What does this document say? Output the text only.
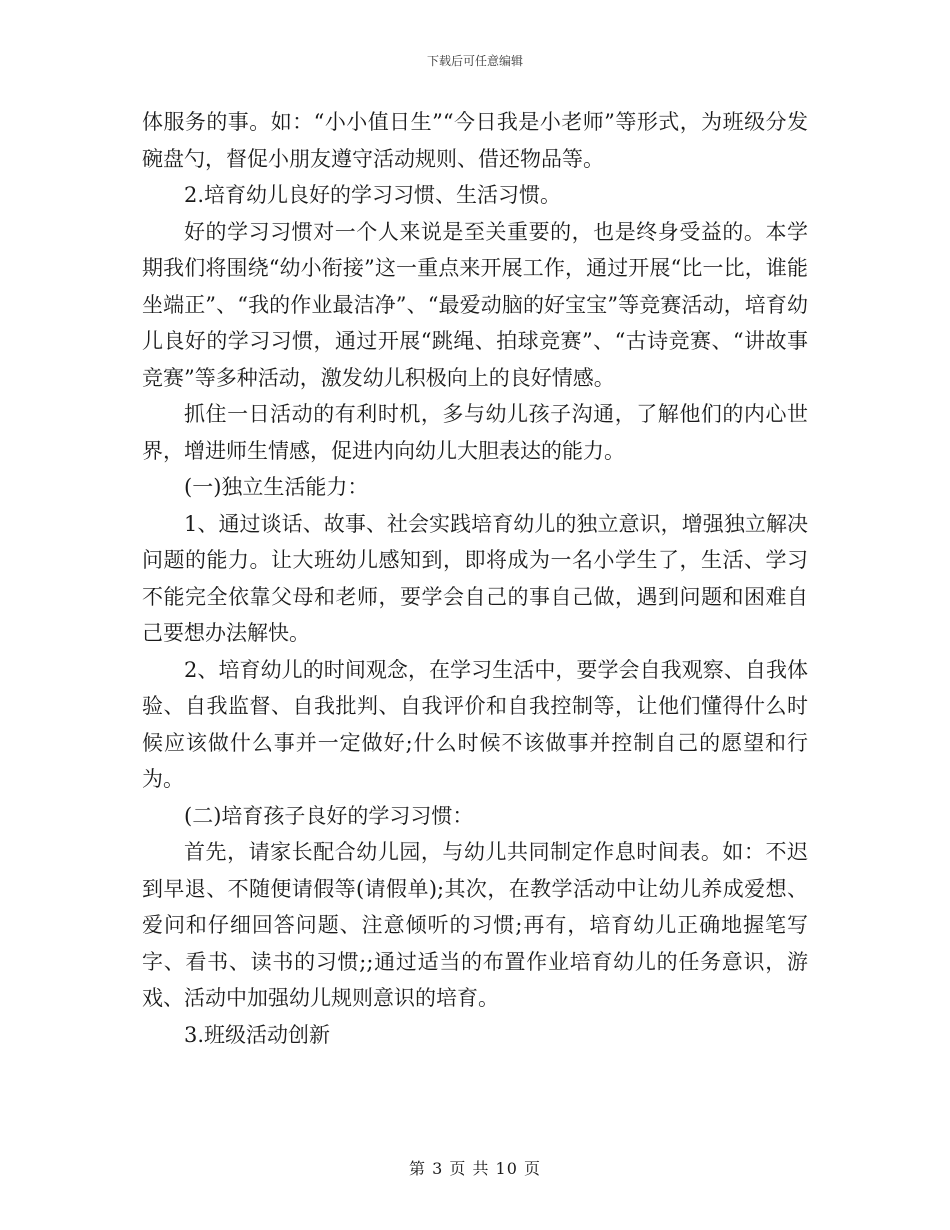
下载后可任意编辑

体服务的事。如：“小小值日生”“今日我是小老师”等形式，为班级分发碗盘勺，督促小朋友遵守活动规则、借还物品等。

2.培育幼儿良好的学习习惯、生活习惯。

好的学习习惯对一个人来说是至关重要的，也是终身受益的。本学期我们将围绕“幼小衔接”这一重点来开展工作，通过开展“比一比，谁能坐端正”、“我的作业最洁净”、“最爱动脑的好宝宝”等竞赛活动，培育幼儿良好的学习习惯，通过开展“跳绳、拍球竞赛”、“古诗竞赛、“讲故事竞赛”等多种活动，激发幼儿积极向上的良好情感。

抓住一日活动的有利时机，多与幼儿孩子沟通，了解他们的内心世界，增进师生情感，促进内向幼儿大胆表达的能力。

(一)独立生活能力：

1、通过谈话、故事、社会实践培育幼儿的独立意识，增强独立解决问题的能力。让大班幼儿感知到，即将成为一名小学生了，生活、学习不能完全依靠父母和老师，要学会自己的事自己做，遇到问题和困难自己要想办法解快。

2、培育幼儿的时间观念，在学习生活中，要学会自我观察、自我体验、自我监督、自我批判、自我评价和自我控制等，让他们懂得什么时候应该做什么事并一定做好;什么时候不该做事并控制自己的愿望和行为。

(二)培育孩子良好的学习习惯：

首先，请家长配合幼儿园，与幼儿共同制定作息时间表。如：不迟到早退、不随便请假等(请假单);其次，在教学活动中让幼儿养成爱想、爱问和仔细回答问题、注意倾听的习惯;再有，培育幼儿正确地握笔写字、看书、读书的习惯;;通过适当的布置作业培育幼儿的任务意识，游戏、活动中加强幼儿规则意识的培育。

3.班级活动创新

第 3 页 共 10 页
